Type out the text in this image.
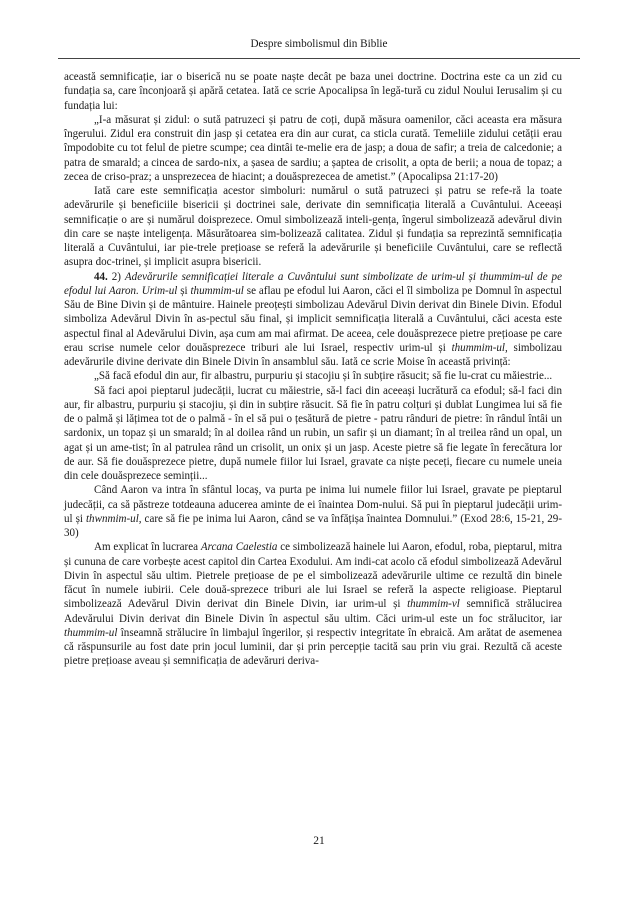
Despre simbolismul din Biblie

această semnificație, iar o biserică nu se poate naște decât pe baza unei doctrine. Doctrina este ca un zid cu fundația sa, care înconjoară și apără cetatea. Iată ce scrie Apocalipsa în legă-tură cu zidul Noului Ierusalim și cu fundația lui:

„I-a măsurat și zidul: o sută patruzeci și patru de coți, după măsura oamenilor, căci aceasta era măsura îngerului. Zidul era construit din jasp și cetatea era din aur curat, ca sticla curată. Temeliile zidului cetății erau împodobite cu tot felul de pietre scumpe; cea dintâi te-melie era de jasp; a doua de safir; a treia de calcedonie; a patra de smarald; a cincea de sardo-nix, a șasea de sardiu; a șaptea de crisolit, a opta de berii; a noua de topaz; a zecea de criso-praz; a unsprezecea de hiacint; a douăsprezecea de ametist.” (Apocalipsa 21:17-20)

Iată care este semnificația acestor simboluri: numărul o sută patruzeci și patru se refe-ră la toate adevărurile și beneficiile bisericii și doctrinei sale, derivate din semnificația literală a Cuvântului. Aceeași semnificație o are și numărul doisprezece. Omul simbolizează inteli-gența, îngerul simbolizează adevărul divin din care se naște inteligența. Măsurătoarea sim-bolizează calitatea. Zidul și fundația sa reprezintă semnificația literală a Cuvântului, iar pie-trele prețioase se referă la adevărurile și beneficiile Cuvântului, care se reflectă asupra doc-trinei, și implicit asupra bisericii.

44. 2) Adevărurile semnificației literale a Cuvântului sunt simbolizate de urim-ul și thummim-ul de pe efodul lui Aaron. Urim-ul și thummim-ul se aflau pe efodul lui Aaron, căci el îl simboliza pe Domnul în aspectul Său de Bine Divin și de mântuire. Hainele preoțești simbolizau Adevărul Divin derivat din Binele Divin. Efodul simboliza Adevărul Divin în as-pectul său final, și implicit semnificația literală a Cuvântului, căci acesta este aspectul final al Adevărului Divin, așa cum am mai afirmat. De aceea, cele douăsprezece pietre prețioase pe care erau scrise numele celor douăsprezece triburi ale lui Israel, respectiv urim-ul și thummim-ul, simbolizau adevărurile divine derivate din Binele Divin în ansamblul său. Iată ce scrie Moise în această privință:

„Să facă efodul din aur, fir albastru, purpuriu și stacojiu și în subțire răsucit; să fie lu-crat cu măiestrie...

Să faci apoi pieptarul judecății, lucrat cu măiestrie, să-l faci din aceeași lucrătură ca efodul; să-l faci din aur, fir albastru, purpuriu și stacojiu, și din in subțire răsucit. Să fie în patru colțuri și dublat Lungimea lui să fie de o palmă și lățimea tot de o palmă - în el să pui o țesătură de pietre - patru rânduri de pietre: în rândul întâi un sardonix, un topaz și un smarald; în al doilea rând un rubin, un safir și un diamant; în al treilea rând un opal, un agat și un ame-tist; în al patrulea rând un crisolit, un onix și un jasp. Aceste pietre să fie legate în ferecătura lor de aur. Să fie douăsprezece pietre, după numele fiilor lui Israel, gravate ca niște peceți, fiecare cu numele uneia din cele douăsprezece seminții...

Când Aaron va intra în sfântul locaș, va purta pe inima lui numele fiilor lui Israel, gravate pe pieptarul judecății, ca să păstreze totdeauna aducerea aminte de ei înaintea Dom-nului. Să pui în pieptarul judecății urim-ul și thwnmim-ul, care să fie pe inima lui Aaron, când se va înfățișa înaintea Domnului.” (Exod 28:6, 15-21, 29-30)

Am explicat în lucrarea Arcana Caelestia ce simbolizează hainele lui Aaron, efodul, roba, pieptarul, mitra și cununa de care vorbește acest capitol din Cartea Exodului. Am indi-cat acolo că efodul simbolizează Adevărul Divin în aspectul său ultim. Pietrele prețioase de pe el simbolizează adevărurile ultime ce rezultă din binele făcut în numele iubirii. Cele două-sprezece triburi ale lui Israel se referă la aspecte religioase. Pieptarul simbolizează Adevărul Divin derivat din Binele Divin, iar urim-ul și thummim-vl semnifică strălucirea Adevărului Divin derivat din Binele Divin în aspectul său ultim. Căci urim-ul este un foc strălucitor, iar thummim-ul înseamnă strălucire în limbajul îngerilor, și respectiv integritate în ebraică. Am arătat de asemenea că răspunsurile au fost date prin jocul luminii, dar și prin percepție tacită sau prin viu grai. Rezultă că aceste pietre prețioase aveau și semnificația de adevăruri deriva-

21
